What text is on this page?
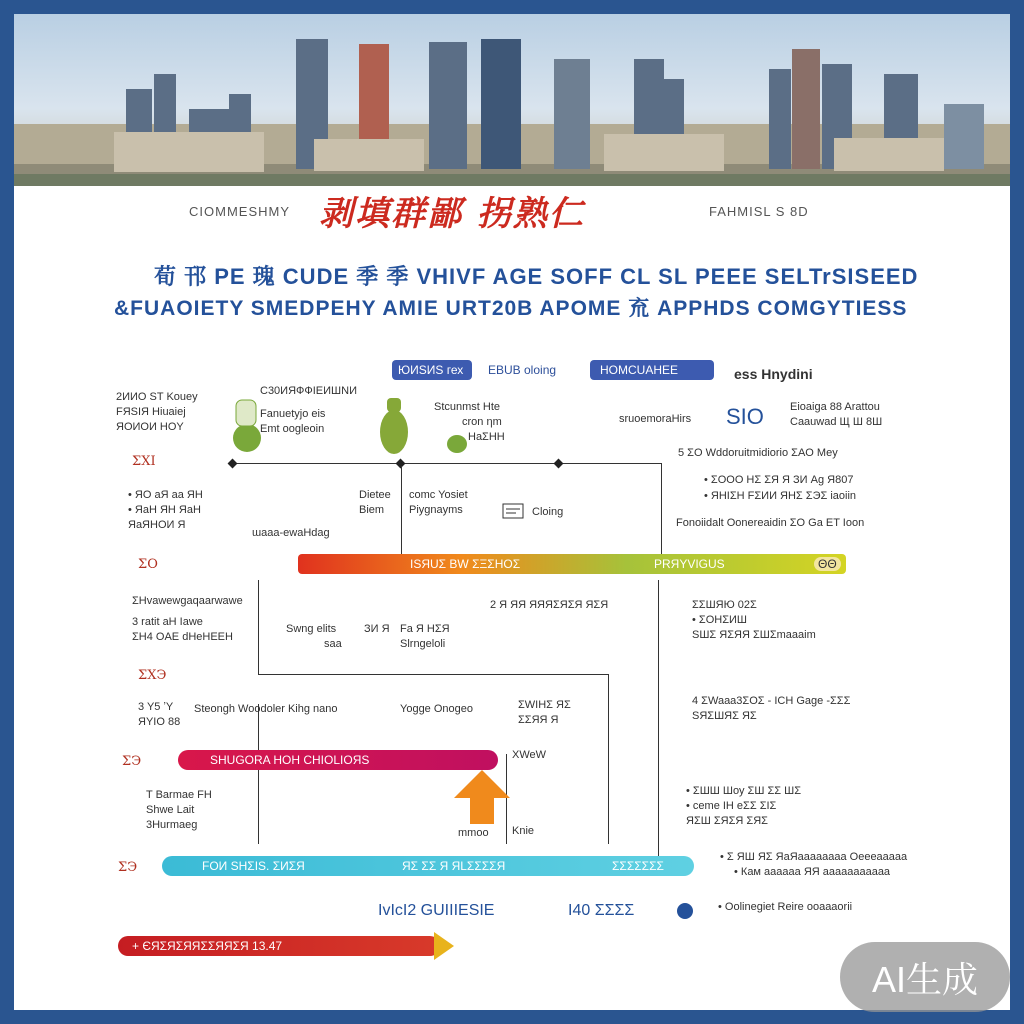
CIOMMESHMY 剥填群鄙 拐熟仁	FAHMISL S 8D
荀 邗 PE 瑰 CUDE 季 季 VHIVF AGE SOFF CL SL PEEE SELTrSISEED
&FUAOIETY SMEDPEHY AMIE URT20B APOME 㐬 APPHDS COMGYTIESS
ЮИSИS гех	EBUB oloing	HOMCUAHEE	ess Hnydini
2ИИO ST Kouey
FЯSIЯ Hiuaiej
ЯOИOИ HOY
ΣXI
• ЯO aЯ aa ЯH
• ЯaH ЯH ЯaH
ЯaЯHOИ Я
ΣO
ΣHvawewgaqaarwawe
3 ratit aH Iawe
ΣH4 OAE dHeHEEH
ΣXЭ
3 Y5 ʼY
ЯYIO 88
ΣЭ
T Barmae FH
Shwe Lait
3Hurmaeg
ΣЭ
C30ИЯФФIEИШNИ
Fanuetyjo eis
Emt oogleoin
Stcunmst Hte
cron ηm
HaΣHH
Dietee
Biem
comc Yosiet
Piygnayms	Cloing
ɯaaa-ewaHdag
ISЯUΣ BW ΣΞΣΗΟΣ	PRЯYVIGUS	ΘΘ
sruoemoraHirs SIO Eioaiga 88 Arattou
Caauwad Щ Ш 8Ш
5 ΣO Wddoruitmidiorio ΣAO Mey
• ΣOOO HΣ ΣЯ Я ЗИ Ag Я807
• ЯHIΣH FΣИИ ЯHΣ ΣЭΣ iaoiin
Fonoiidalt Oonereaidin ΣO Ga ET Ioon
ΣΣШЯЮ 02Σ
• ΣOHΣИШ
SШΣ ЯΣЯЯ ΣШΣmaaaim
4 ΣWaaa3ΣOΣ - ICH Gage -ΣΣΣ
SЯΣШЯΣ ЯΣ
• ΣШШ Шоу ΣШ ΣΣ ШΣ
• ceme IH eΣΣ ΣIΣ
ЯΣШ ΣЯΣЯ ΣЯΣ
• Σ ЯШ ЯΣ ЯaЯaaaaaaaa Oeeeaaaaa
• Кам аааааа ЯЯ ааааааааааа
• Oolinegiet Reire ooaaaorii
2 Я ЯЯ ЯЯЯΣЯΣЯ ЯΣЯ
Swng elits
saa
ЗИ Я Fa Я HΣЯ
Slrngeloli
Steongh Woodoler Kihg nano	Yogge Onogeo	ΣWIHΣ ЯΣ
ΣΣЯЯ Я
SHUGORA HOH CHIOLIOЯS	XWeW
mmoo Knie
FOИ SHΣIS. ΣИΣЯ	ЯΣ ΣΣ Я ЯLΣΣΣΣЯ	ΣΣΣΣΣΣΣ
IvIcI2 GUIIIESIE	I40 ΣΣΣΣ
+ ЄЯΣЯΣЯЯΣΣЯЯΣЯ 13.47
AI生成
